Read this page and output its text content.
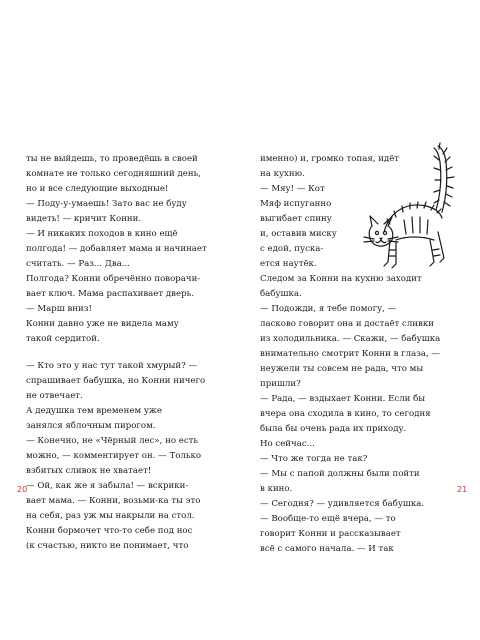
ты не выйдешь, то проведёшь в своей
комнате не только сегодняшний день,
но и все следующие выходные!
— Поду-у-умаешь! Зато вас не буду
видеть! — кричит Конни.
— И никаких походов в кино ещё
полгода! — добавляет мама и начинает
считать. — Раз... Два...
Полгода? Конни обречённо поворачи-
вает ключ. Мама распахивает дверь.
— Марш вниз!
Конни давно уже не видела маму
такой сердитой.
— Кто это у нас тут такой хмурый? —
спрашивает бабушка, но Конни ничего
не отвечает.
А дедушка тем временем уже
занялся яблочным пирогом.
— Конечно, не «Чёрный лес», но есть
можно, — комментирует он. — Только
взбитых сливок не хватает!
— Ой, как же я забыла! — вскрики-
вает мама. — Конни, возьми-ка ты это
на себя, раз уж мы накрыли на стол.
Конни бормочет что-то себе под нос
(к счастью, никто не понимает, что
20
именно) и, громко топая, идёт
на кухню.
— Мяу! — Кот
Мяф испуганно
выгибает спину
и, оставив миску
с едой, пуска-
ется наутёк.
Следом за Конни на кухню заходит
бабушка.
— Подожди, я тебе помогу, —
ласково говорит она и достаёт сливки
из холодильника. — Скажи, — бабушка
внимательно смотрит Конни в глаза, —
неужели ты совсем не рада, что мы
пришли?
— Рада, — вздыхает Конни. Если бы
вчера она сходила в кино, то сегодня
была бы очень рада их приходу.
Но сейчас...
— Что же тогда не так?
— Мы с папой должны были пойти
в кино.
— Сегодня? — удивляется бабушка.
— Вообще-то ещё вчера, — то
говорит Конни и рассказывает
всё с самого начала. — И так
21
